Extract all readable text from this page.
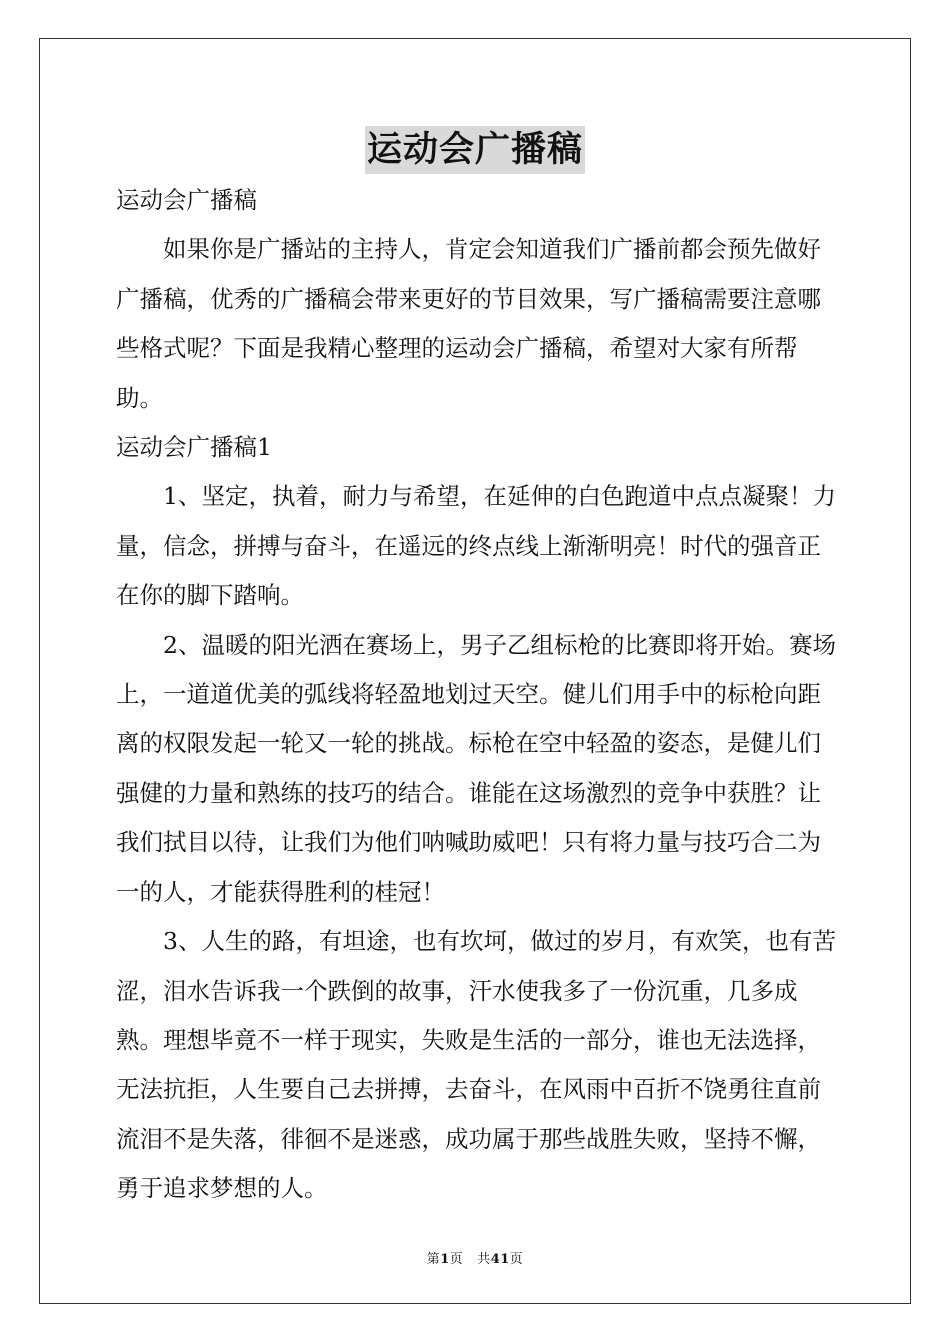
运动会广播稿

运动会广播稿

如果你是广播站的主持人，肯定会知道我们广播前都会预先做好广播稿，优秀的广播稿会带来更好的节目效果，写广播稿需要注意哪些格式呢？下面是我精心整理的运动会广播稿，希望对大家有所帮助。

运动会广播稿1

1、坚定，执着，耐力与希望，在延伸的白色跑道中点点凝聚！力量，信念，拼搏与奋斗，在遥远的终点线上渐渐明亮！时代的强音正在你的脚下踏响。

2、温暖的阳光洒在赛场上，男子乙组标枪的比赛即将开始。赛场上，一道道优美的弧线将轻盈地划过天空。健儿们用手中的标枪向距离的权限发起一轮又一轮的挑战。标枪在空中轻盈的姿态，是健儿们强健的力量和熟练的技巧的结合。谁能在这场激烈的竞争中获胜？让我们拭目以待，让我们为他们呐喊助威吧！只有将力量与技巧合二为一的人，才能获得胜利的桂冠！

3、人生的路，有坦途，也有坎坷，做过的岁月，有欢笑，也有苦涩，泪水告诉我一个跌倒的故事，汗水使我多了一份沉重，几多成熟。理想毕竟不一样于现实，失败是生活的一部分，谁也无法选择，无法抗拒，人生要自己去拼搏，去奋斗，在风雨中百折不饶勇往直前流泪不是失落，徘徊不是迷惑，成功属于那些战胜失败，坚持不懈，勇于追求梦想的人。

第1页 共41页
